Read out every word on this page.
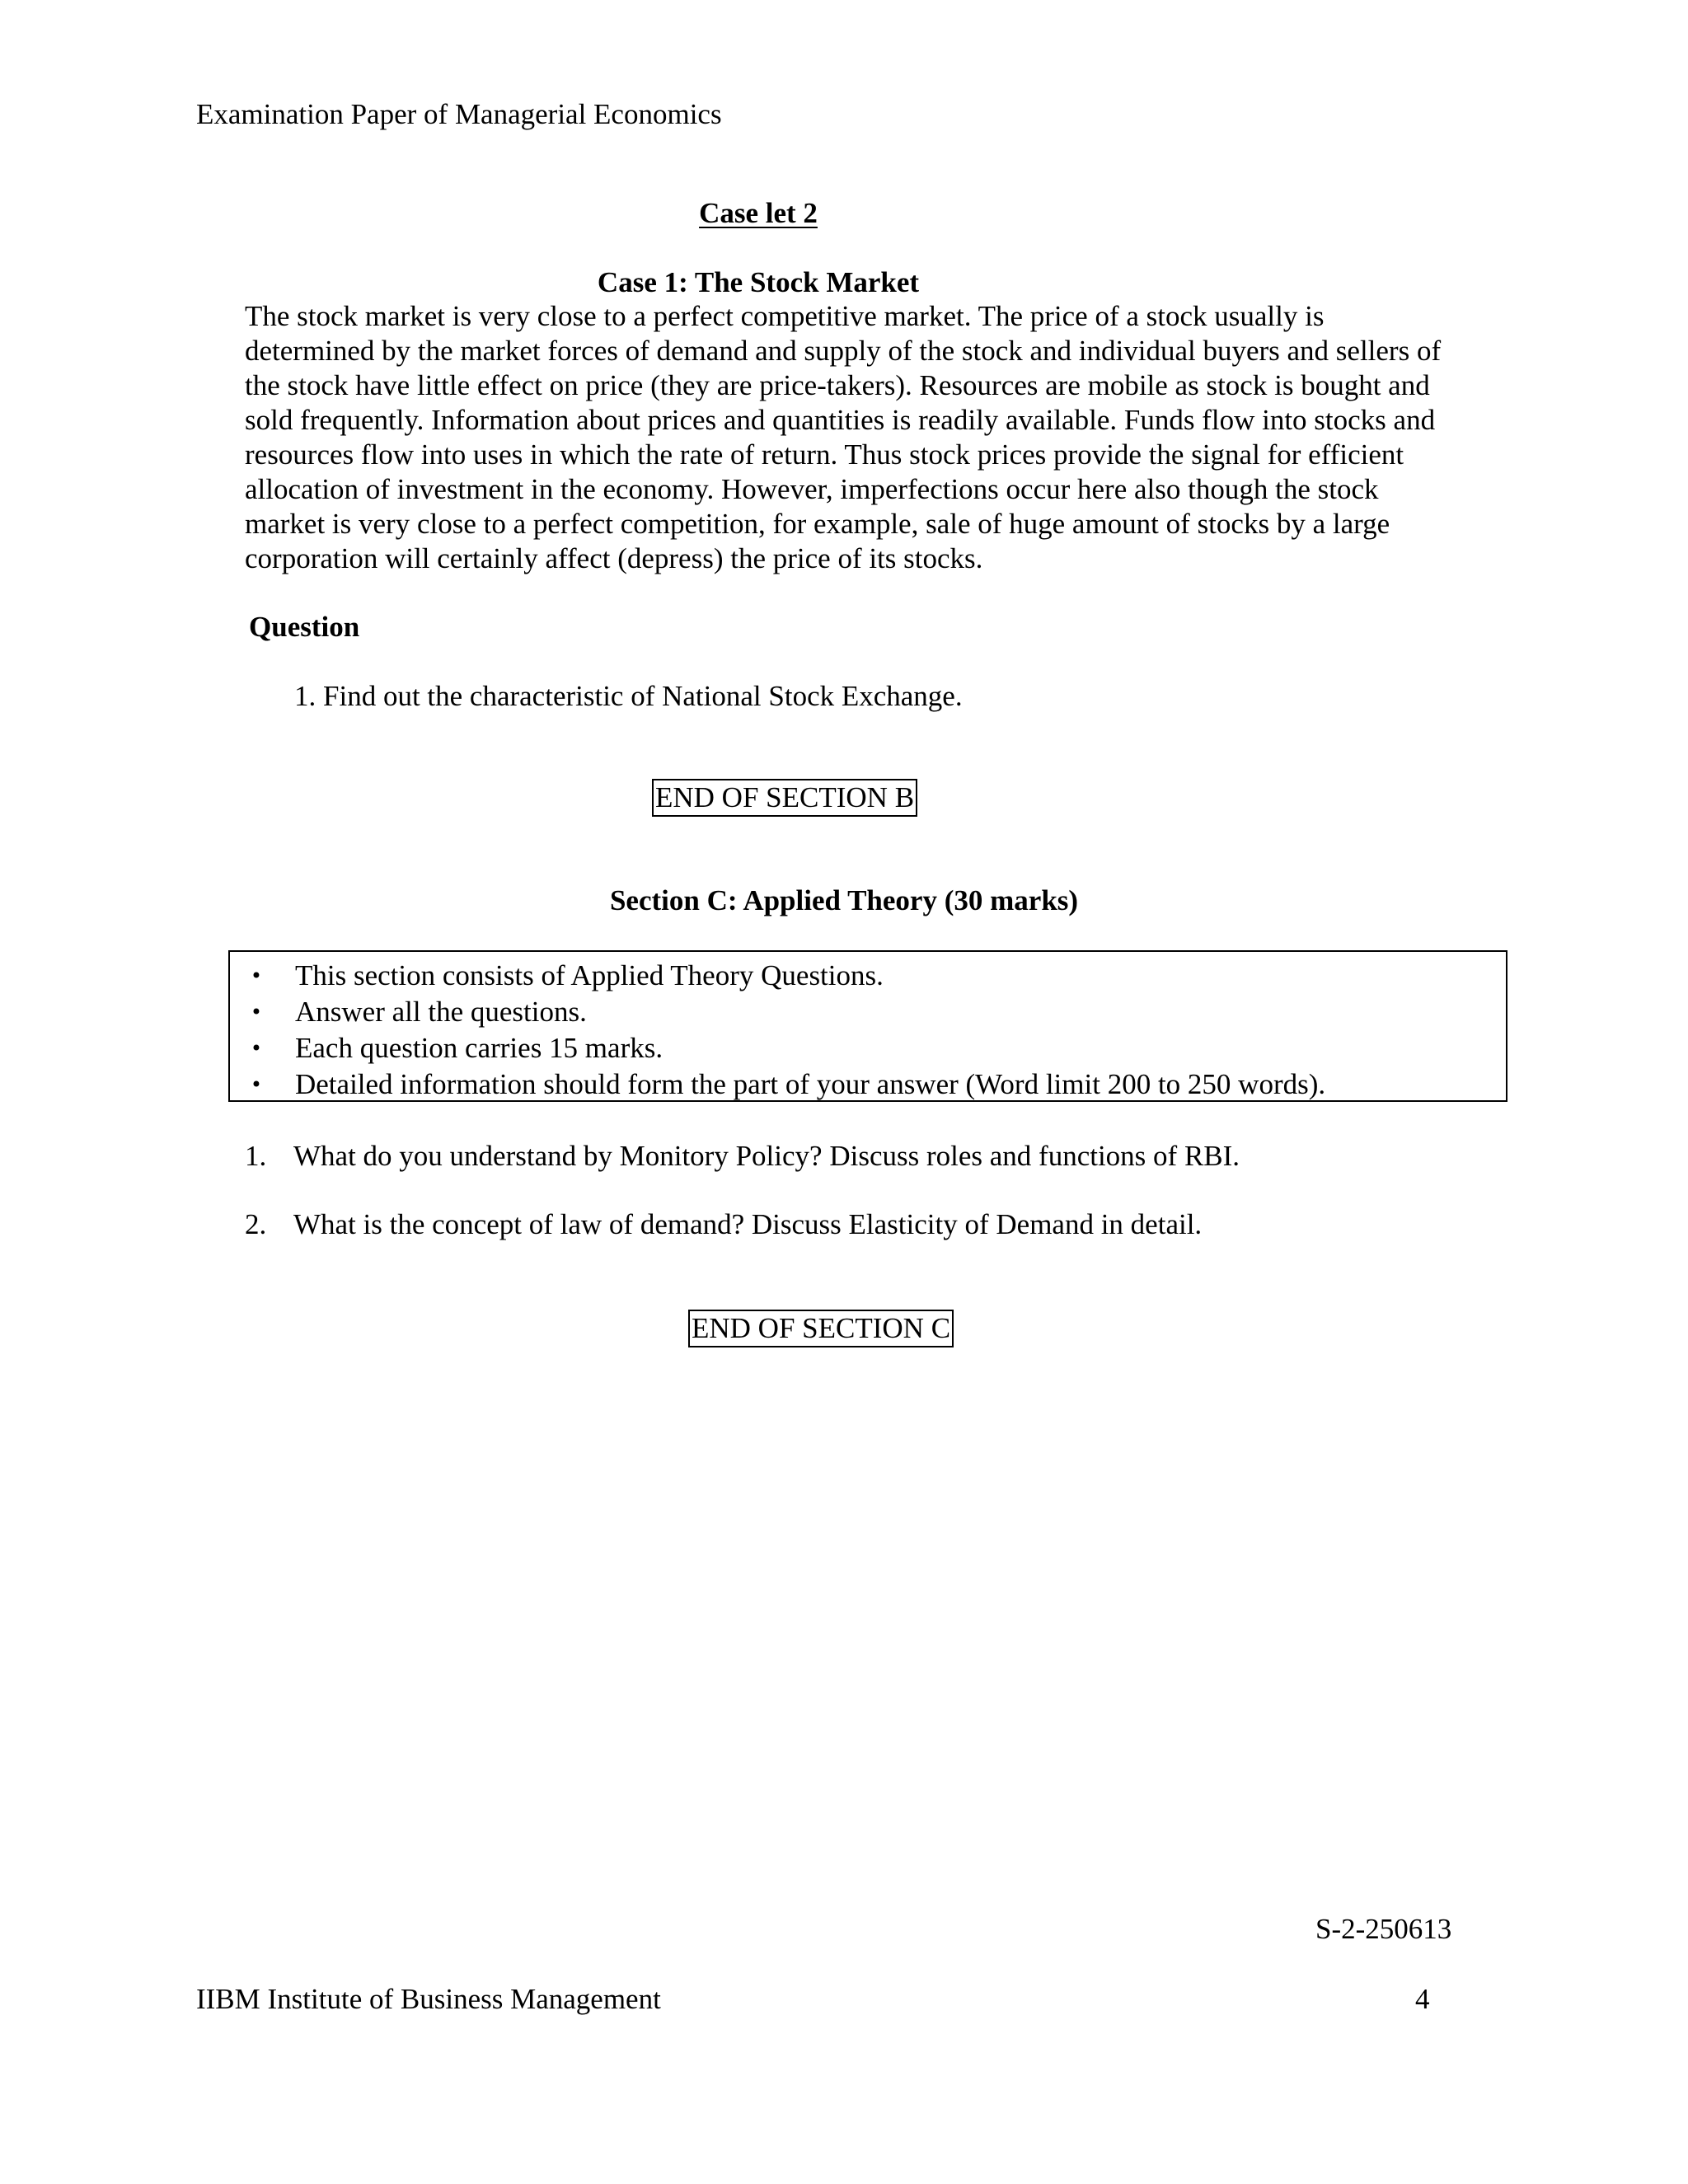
Examination Paper of Managerial Economics
Case let 2
Case 1: The Stock Market
The stock market is very close to a perfect competitive market. The price of a stock usually is
determined by the market forces of demand and supply of the stock and individual buyers and sellers of
the stock have little effect on price (they are price-takers). Resources are mobile as stock is bought and
sold frequently. Information about prices and quantities is readily available. Funds flow into stocks and
resources flow into uses in which the rate of return. Thus stock prices provide the signal for efficient
allocation of investment in the economy. However, imperfections occur here also though the stock
market is very close to a perfect competition, for example, sale of huge amount of stocks by a large
corporation will certainly affect (depress) the price of its stocks.
Question
1. Find out the characteristic of National Stock Exchange.
END OF SECTION B
Section C: Applied Theory (30 marks)
• This section consists of Applied Theory Questions.
• Answer all the questions.
• Each question carries 15 marks.
• Detailed information should form the part of your answer (Word limit 200 to 250 words).
1. What do you understand by Monitory Policy? Discuss roles and functions of RBI.
2. What is the concept of law of demand? Discuss Elasticity of Demand in detail.
END OF SECTION C
S-2-250613
IIBM Institute of Business Management	4
